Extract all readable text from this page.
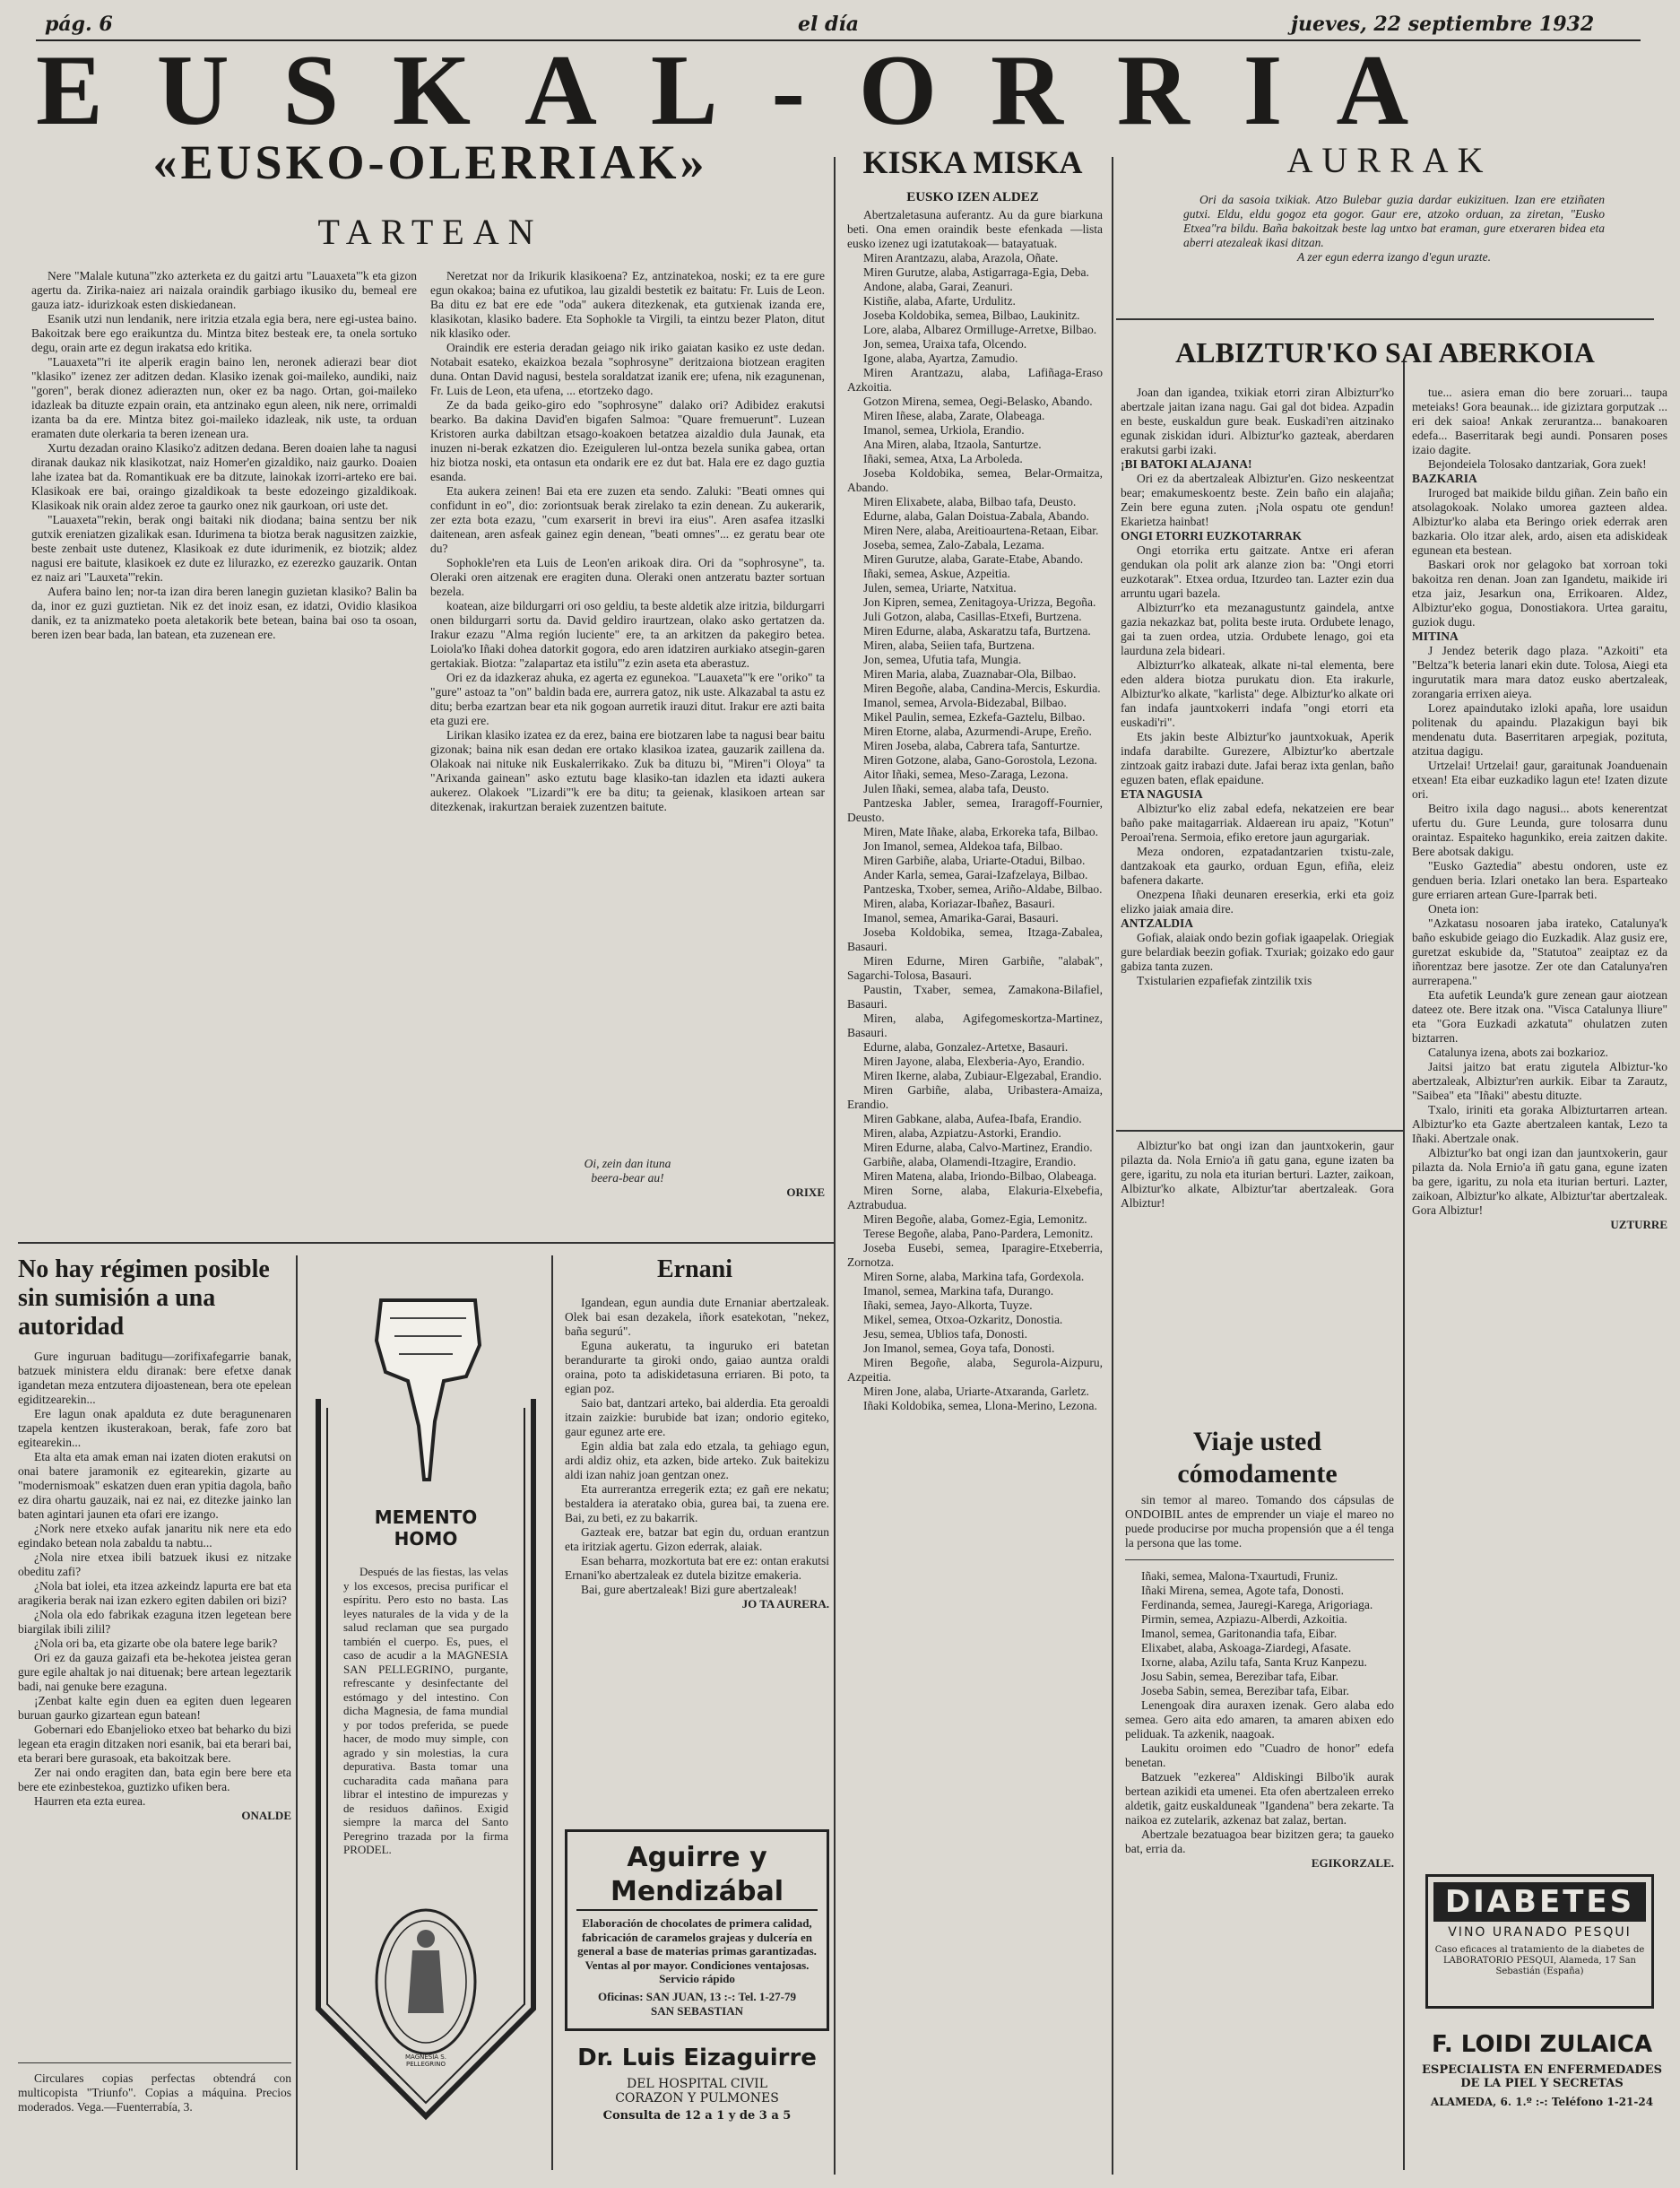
pág. 6	el día	jueves, 22 septiembre 1932
EUSKAL-ORRIA
«EUSKO-OLERRIAK»
TARTEAN

Nere "Malale kutuna"'zko azterketa ez du gaitzi artu "Lauaxeta"'k eta gizon agertu da. Zirika-naiez ari naizala oraindik garbiago ikusiko du, bemeal ere gauza iatz- idurizkoak esten diskiedanean.

Esanik utzi nun lendanik, nere iritzia etzala egia bera, nere egi-ustea baino. Bakoitzak bere ego eraikuntza du. Mintza bitez besteak ere, ta onela sortuko degu, orain arte ez degun irakatsa edo kritika.

"Lauaxeta"'ri ite alperik eragin baino len, neronek adierazi bear diot "klasiko" izenez zer aditzen dedan. Klasiko izenak goi-maileko, aundiki, naiz "goren", berak dionez adierazten nun, oker ez ba nago. Ortan, goi-maileko idazleak ba dituzte ezpain orain, eta antzinako egun aleen, nik nere, orrimaldi izanta ba da ere. Mintza bitez goi-maileko idazleak, nik uste, ta orduan eramaten dute olerkaria ta beren izenean ura.

Xurtu dezadan oraino Klasiko'z aditzen dedana. Beren doaien lahe ta nagusi diranak daukaz nik klasikotzat, naiz Homer'en gizaldiko, naiz gaurko. Doaien lahe izatea bat da. Romantikuak ere ba ditzute, lainokak izorri-arteko ere bai. Klasikoak ere bai, oraingo gizaldikoak ta beste edozeingo gizaldikoak. Klasikoak nik orain aldez zeroe ta gaurko onez nik gaurkoan, ori uste det.

"Lauaxeta"'rekin, berak ongi baitaki nik diodana; baina sentzu ber nik gutxik ereniatzen gizalikak esan. Idurimena ta biotza berak nagusitzen zaizkie, beste zenbait uste dutenez, Klasikoak ez dute idurimenik, ez biotzik; aldez nagusi ere baitute, klasikoek ez dute ez lilurazko, ez ezerezko gauzarik. Ontan ez naiz ari "Lauxeta"'rekin.

Aufera baino len; nor-ta izan dira beren lanegin guzietan klasiko? Balin ba da, inor ez guzi guztietan. Nik ez det inoiz esan, ez idatzi, Ovidio klasikoa danik, ez ta anizmateko poeta aletakorik bete betean, baina bai oso ta osoan, beren izen bear bada, lan batean, eta zuzenean ere.

Neretzat nor da Irikurik klasikoena? Ez, antzinatekoa, noski; ez ta ere gure egun okakoa; baina ez ufutikoa, lau gizaldi bestetik ez baitatu: Fr. Luis de Leon. Ba ditu ez bat ere ede "oda" aukera ditezkenak, eta gutxienak izanda ere, klasikotan, klasiko badere. Eta Sophokle ta Virgili, ta eintzu bezer Platon, ditut nik klasiko oder.

Oraindik ere esteria deradan geiago nik iriko gaiatan kasiko ez uste dedan. Notabait esateko, ekaizkoa bezala "sophrosyne" deritzaiona biotzean eragiten duna. Ontan David nagusi, bestela soraldatzat izanik ere; ufena, nik ezagunenan, Fr. Luis de Leon, eta ufena, ... etortzeko dago.

Ze da bada geiko-giro edo "sophrosyne" dalako ori? Adibidez erakutsi bearko. Ba dakina David'en bigafen Salmoa: "Quare fremuerunt". Luzean Kristoren aurka dabiltzan etsago-koakoen betatzea aizaldio dula Jaunak, eta inuzen ni-berak ezkatzen dio. Ezeiguleren lul-ontza bezela sunika gabea, ortan hiz biotza noski, eta ontasun eta ondarik ere ez dut bat. Hala ere ez dago guztia esanda.

Eta aukera zeinen! Bai eta ere zuzen eta sendo. Zaluki: "Beati omnes qui confidunt in eo", dio: zoriontsuak berak zirelako ta ezin denean. Zu aukerarik, zer ezta bota ezazu, "cum exarserit in brevi ira eius". Aren asafea itzaslki daitenean, aren asfeak gainez egin denean, "beati omnes"... ez geratu bear ote du?

Sophokle'ren eta Luis de Leon'en arikoak dira. Ori da "sophrosyne", ta. Oleraki oren aitzenak ere eragiten duna. Oleraki onen antzeratu bazter sortuan bezela.

koatean, aize bildurgarri ori oso geldiu, ta beste aldetik alze iritzia, bildurgarri onen bildurgarri sortu da. David geldiro iraurtzean, olako asko gertatzen da. Irakur ezazu "Alma región luciente" ere, ta an arkitzen da pakegiro betea. Loiola'ko Iñaki dohea datorkit gogora, edo aren idatziren aurkiako atsegin-garen gertakiak. Biotza: "zalapartaz eta istilu"'z ezin aseta eta aberastuz.

Ori ez da idazkeraz ahuka, ez agerta ez egunekoa. "Lauaxeta"'k ere "oriko" ta "gure" astoaz ta "on" baldin bada ere, aurrera gatoz, nik uste. Alkazabal ta astu ez ditu; berba ezartzan bear eta nik gogoan aurretik irauzi ditut. Irakur ere azti baita eta guzi ere.

Lirikan klasiko izatea ez da erez, baina ere biotzaren labe ta nagusi bear baitu gizonak; baina nik esan dedan ere ortako klasikoa izatea, gauzarik zaillena da. Olakoak nai nituke nik Euskalerrikako. Zuk ba dituzu bi, "Miren"i Oloya" ta "Arixanda gainean" asko eztutu bage klasiko-tan idazlen eta idazti aukera aukerez. Olakoek "Lizardi"'k ere ba ditu; ta geienak, klasikoen artean sar ditezkenak, irakurtzan beraiek zuzentzen baitute.

KISKA MISKA
EUSKO IZEN ALDEZ

Abertzaletasuna auferantz. Au da gure biarkuna beti. Ona emen oraindik beste efenkada —lista eusko izenez ugi izatutakoak— batayatuak.

Miren Arantzazu, alaba, Arazola, Oñate.

Miren Gurutze, alaba, Astigarraga-Egia, Deba.

Andone, alaba, Garai, Zeanuri.

Kistiñe, alaba, Afarte, Urdulitz.

Joseba Koldobika, semea, Bilbao, Laukinitz.

Lore, alaba, Albarez Ormilluge-Arretxe, Bilbao.

Jon, semea, Uraixa tafa, Olcendo.

Igone, alaba, Ayartza, Zamudio.

Miren Arantzazu, alaba, Lafiñaga-Eraso Azkoitia.

Gotzon Mirena, semea, Oegi-Belasko, Abando.

Miren Iñese, alaba, Zarate, Olabeaga.

Imanol, semea, Urkiola, Erandio.

Ana Miren, alaba, Itzaola, Santurtze.

Iñaki, semea, Atxa, La Arboleda.

Joseba Koldobika, semea, Belar-Ormaitza, Abando.

Miren Elixabete, alaba, Bilbao tafa, Deusto.

Edurne, alaba, Galan Doistua-Zabala, Abando.

Miren Nere, alaba, Areitioaurtena-Retaan, Eibar.

Joseba, semea, Zalo-Zabala, Lezama.

Miren Gurutze, alaba, Garate-Etabe, Abando.

Iñaki, semea, Askue, Azpeitia.

Julen, semea, Uriarte, Natxitua.

Jon Kipren, semea, Zenitagoya-Urizza, Begoña.

Juli Gotzon, alaba, Casillas-Etxefi, Burtzena.

Miren Edurne, alaba, Askaratzu tafa, Burtzena.

Miren, alaba, Seiien tafa, Burtzena.

Jon, semea, Ufutia tafa, Mungia.

Miren Maria, alaba, Zuaznabar-Ola, Bilbao.

Miren Begoñe, alaba, Candina-Mercis, Eskurdia.

Imanol, semea, Arvola-Bidezabal, Bilbao.

Mikel Paulin, semea, Ezkefa-Gaztelu, Bilbao.

Miren Etorne, alaba, Azurmendi-Arupe, Ereño.

Miren Joseba, alaba, Cabrera tafa, Santurtze.

Miren Gotzone, alaba, Gano-Gorostola, Lezona.

Aitor Iñaki, semea, Meso-Zaraga, Lezona.

Julen Iñaki, semea, alaba tafa, Deusto.

Pantzeska Jabler, semea, Iraragoff-Fournier, Deusto.

Miren, Mate Iñake, alaba, Erkoreka tafa, Bilbao.

Jon Imanol, semea, Aldekoa tafa, Bilbao.

Miren Garbiñe, alaba, Uriarte-Otadui, Bilbao.

Ander Karla, semea, Garai-Izafzelaya, Bilbao.

Pantzeska, Txober, semea, Ariño-Aldabe, Bilbao.

Miren, alaba, Koriazar-Ibañez, Basauri.

Imanol, semea, Amarika-Garai, Basauri.

Joseba Koldobika, semea, Itzaga-Zabalea, Basauri.

Miren Edurne, Miren Garbiñe, "alabak", Sagarchi-Tolosa, Basauri.

Paustin, Txaber, semea, Zamakona-Bilafiel, Basauri.

Miren, alaba, Agifegomeskortza-Martinez, Basauri.

Edurne, alaba, Gonzalez-Artetxe, Basauri.

Miren Jayone, alaba, Elexberia-Ayo, Erandio.

Miren Ikerne, alaba, Zubiaur-Elgezabal, Erandio.

Miren Garbiñe, alaba, Uribastera-Amaiza, Erandio.

Miren Gabkane, alaba, Aufea-Ibafa, Erandio.

Miren, alaba, Azpiatzu-Astorki, Erandio.

Miren Edurne, alaba, Calvo-Martinez, Erandio.

Garbiñe, alaba, Olamendi-Itzagire, Erandio.

Miren Matena, alaba, Iriondo-Bilbao, Olabeaga.

Miren Sorne, alaba, Elakuria-Elxebefia, Aztrabudua.

Miren Begoñe, alaba, Gomez-Egia, Lemonitz.

Terese Begoñe, alaba, Pano-Pardera, Lemonitz.

Joseba Eusebi, semea, Iparagire-Etxeberria, Zornotza.

Miren Sorne, alaba, Markina tafa, Gordexola.

Imanol, semea, Markina tafa, Durango.

Iñaki, semea, Jayo-Alkorta, Tuyze.

Mikel, semea, Otxoa-Ozkaritz, Donostia.

Jesu, semea, Ublios tafa, Donosti.

Jon Imanol, semea, Goya tafa, Donosti.

Miren Begoñe, alaba, Segurola-Aizpuru, Azpeitia.

Miren Jone, alaba, Uriarte-Atxaranda, Garletz.

Iñaki Koldobika, semea, Llona-Merino, Lezona.

AURRAK

Ori da sasoia txikiak. Atzo Bulebar guzia dardar eukizituen. Izan ere etziñaten gutxi. Eldu, eldu gogoz eta gogor. Gaur ere, atzoko orduan, za ziretan, "Eusko Etxea"ra bildu. Baña bakoitzak beste lag untxo bat eraman, gure etxeraren bidea eta aberri atezaleak ikasi ditzan.

A zer egun ederra izango d'egun urazte.

ALBIZTUR'KO SAI ABERKOIA

Joan dan igandea, txikiak etorri ziran Albizturr'ko abertzale jaitan izana nagu. Gai gal dot bidea. Azpadin en beste, euskaldun gure beak. Euskadi'ren aitzinako egunak ziskidan iduri. Albiztur'ko gazteak, aberdaren erakutsi garbi izaki.

¡BI BATOKI ALAJANA!

Ori ez da abertzaleak Albiztur'en. Gizo neskeentzat bear; emakumeskoentz beste. Zein baño ein alajaña; Zein bere eguna zuten. ¡Nola ospatu ote gendun! Ekarietza hainbat!

ONGI ETORRI EUZKOTARRAK

Ongi etorrika ertu gaitzate. Antxe eri aferan gendukan ola polit ark alanze zion ba: "Ongi etorri euzkotarak". Etxea ordua, Itzurdeo tan. Lazter ezin dua arruntu ugari bazela.

Albizturr'ko eta mezanagustuntz gaindela, antxe gazia nekazkaz bat, polita beste iruta. Ordubete lenago, gai ta zuen ordea, utzia. Ordubete lenago, goi eta laurduna zela bideari.

Albizturr'ko alkateak, alkate ni-tal elementa, bere eden aldera biotza purukatu dion. Eta irakurle, Albiztur'ko alkate, "karlista" dege. Albiztur'ko alkate ori fan indafa jauntxokerri indafa "ongi etorri eta euskadi'ri".

Ets jakin beste Albiztur'ko jauntxokuak, Aperik indafa darabilte. Gurezere, Albiztur'ko abertzale zintzoak gaitz irabazi dute. Jafai beraz ixta genlan, baño eguzen baten, eflak epaidune.

ETA NAGUSIA

Albiztur'ko eliz zabal edefa, nekatzeien ere bear baño pake maitagarriak. Aldaerean iru apaiz, "Kotun" Peroai'rena. Sermoia, efiko eretore jaun agurgariak.

Meza ondoren, ezpatadantzarien txistu-zale, dantzakoak eta gaurko, orduan Egun, efiña, eleiz bafenera dakarte.

Onezpena Iñaki deunaren ereserkia, erki eta goiz elizko jaiak amaia dire.

ANTZALDIA

Gofiak, alaiak ondo bezin gofiak igaapelak. Oriegiak gure belardiak beezin gofiak. Txuriak; goizako edo gaur gabiza tanta zuzen.

Txistularien ezpafiefak zintzilik txis

tue... asiera eman dio bere zoruari... taupa meteiaks! Gora beaunak... ide giziztara gorputzak ... eri dek saioa! Ankak zerurantza... banakoaren edefa... Baserritarak begi aundi. Ponsaren poses izaio dagite.

Bejondeiela Tolosako dantzariak, Gora zuek!

BAZKARIA

Iruroged bat maikide bildu giñan. Zein baño ein atsolagokoak. Nolako umorea gazteen aldea. Albiztur'ko alaba eta Beringo oriek ederrak aren bazkaria. Olo itzar alek, ardo, aisen eta adiskideak egunean eta bestean.

Baskari orok nor gelagoko bat xorroan toki bakoitza ren denan. Joan zan Igandetu, maikide iri etza jaiz, Jesarkun ona, Errikoaren. Aldez, Albiztur'eko gogua, Donostiakora. Urtea garaitu, guziok dugu.

MITINA

J Jendez beterik dago plaza. "Azkoiti" eta "Beltza"k beteria lanari ekin dute. Tolosa, Aiegi eta ingurutatik mara mara datoz eusko abertzaleak, zorangaria errixen aieya.

Lorez apaindutako izloki apaña, lore usaidun politenak du apaindu. Plazakigun bayi bik mendenatu duta. Baserritaren arpegiak, pozituta, atzitua dagigu.

Urtzelai! Urtzelai! gaur, garaitunak Joanduenain etxean! Eta eibar euzkadiko lagun ete! Izaten dizute ori.

Beitro ixila dago nagusi... abots kenerentzat ufertu du. Gure Leunda, gure tolosarra dunu oraintaz. Espaiteko hagunkiko, ereia zaitzen dakite. Bere abotsak dakigu.

"Eusko Gaztedia" abestu ondoren, uste ez genduen beria. Izlari onetako lan bera. Esparteako gure erriaren artean Gure-Iparrak beti.

Oneta ion:

"Azkatasu nosoaren jaba irateko, Catalunya'k baño eskubide geiago dio Euzkadik. Alaz gusiz ere, guretzat eskubide da, "Statutoa" zeaiptaz ez da iñorentzaz bere jasotze. Zer ote dan Catalunya'ren aurrerapena."

Eta aufetik Leunda'k gure zenean gaur aiotzean dateez ote. Bere itzak ona. "Visca Catalunya lliure" eta "Gora Euzkadi azkatuta" ohulatzen zuten biztarren.

Catalunya izena, abots zai bozkarioz.

Jaitsi jaitzo bat eratu zigutela Albiztur-'ko abertzaleak, Albiztur'ren aurkik. Eibar ta Zarautz, "Saibea" eta "Iñaki" abestu dituzte.

Txalo, iriniti eta goraka Albizturtarren artean. Albiztur'ko eta Gazte abertzaleen kantak, Lezo ta Iñaki. Abertzale onak.

Albiztur'ko bat ongi izan dan jauntxokerin, gaur pilazta da. Nola Ernio'a iñ gatu gana, egune izaten ba gere, igaritu, zu nola eta iturian berturi. Lazter, zaikoan, Albiztur'ko alkate, Albiztur'tar abertzaleak. Gora Albiztur!

UZTURRE

Oi, zein dan ituna

beera-bear au!

ORIXE

No hay régimen posible sin sumisión a una autoridad

Gure inguruan baditugu—zorifixafegarrie banak, batzuek ministera eldu diranak: bere efetxe danak igandetan meza entzutera dijoastenean, bera ote epelean egiditzearekin...

Ere lagun onak apalduta ez dute beragunenaren tzapela kentzen ikusterakoan, berak, fafe zoro bat egitearekin...

Eta alta eta amak eman nai izaten dioten erakutsi on onai batere jaramonik ez egitearekin, gizarte au "modernismoak" eskatzen duen eran ypitia dagola, baño ez dira ohartu gauzaik, nai ez nai, ez ditezke jainko lan baten agintari jaunen eta ofari ere izango.

¿Nork nere etxeko aufak janaritu nik nere eta edo egindako betean nola zabaldu ta nabtu...

¿Nola nire etxea ibili batzuek ikusi ez nitzake obeditu zafi?

¿Nola bat iolei, eta itzea azkeindz lapurta ere bat eta aragikeria berak nai izan ezkero egiten dabilen ori bizi?

¿Nola ola edo fabrikak ezaguna itzen legetean bere biargilak ibili zilil?

¿Nola ori ba, eta gizarte obe ola batere lege barik?

Ori ez da gauza gaizafi eta be-hekotea jeistea geran gure egile ahaltak jo nai dituenak; bere artean legeztarik badi, nai genuke bere ezaguna.

¡Zenbat kalte egin duen ea egiten duen legearen buruan gaurko gizartean egun batean!

Gobernari edo Ebanjelioko etxeo bat beharko du bizi legean eta eragin ditzaken nori esanik, bai eta berari bai, eta berari bere gurasoak, eta bakoitzak bere.

Zer nai ondo eragiten dan, bata egin bere bere eta bere ete ezinbestekoa, guztizko ufiken bera.

Haurren eta ezta eurea.

ONALDE

Circulares copias perfectas obtendrá con multicopista "Triunfo". Copias a máquina. Precios moderados. Vega.—Fuenterrabía, 3.

MEMENTO HOMO

Después de las fiestas, las velas y los excesos, precisa purificar el espíritu. Pero esto no basta. Las leyes naturales de la vida y de la salud reclaman que sea purgado también el cuerpo. Es, pues, el caso de acudir a la MAGNESIA SAN PELLEGRINO, purgante, refrescante y desinfectante del estómago y del intestino. Con dicha Magnesia, de fama mundial y por todos preferida, se puede hacer, de modo muy simple, con agrado y sin molestias, la cura depurativa. Basta tomar una cucharadita cada mañana para librar el intestino de impurezas y de residuos dañinos. Exigid siempre la marca del Santo Peregrino trazada por la firma PRODEL.

MAGNESIA S. PELLEGRINO
Ernani

Igandean, egun aundia dute Ernaniar abertzaleak. Olek bai esan dezakela, iñork esatekotan, "nekez, baña segurú".

Eguna aukeratu, ta inguruko eri batetan berandurarte ta giroki ondo, gaiao auntza oraldi oraina, poto ta adiskidetasuna erriaren. Bi poto, ta egian poz.

Saio bat, dantzari arteko, bai alderdia. Eta geroaldi itzain zaizkie: burubide bat izan; ondorio egiteko, gaur egunez arte ere.

Egin aldia bat zala edo etzala, ta gehiago egun, ardi aldiz ohiz, eta azken, bide arteko. Zuk baitekizu aldi izan nahiz joan gentzan onez.

Eta aurrerantza erregerik ezta; ez gañ ere nekatu; bestaldera ia ateratako obia, gurea bai, ta zuena ere. Bai, zu beti, ez zu bakarrik.

Gazteak ere, batzar bat egin du, orduan erantzun eta iritziak agertu. Gizon ederrak, alaiak.

Esan beharra, mozkortuta bat ere ez: ontan erakutsi Ernani'ko abertzaleak ez dutela bizitze emakeria.

Bai, gure abertzaleak! Bizi gure abertzaleak!

JO TA AURERA.

Aguirre y Mendizábal
Elaboración de chocolates de primera calidad, fabricación de caramelos grajeas y dulcería en general a base de materias primas garantizadas. Ventas al por mayor. Condiciones ventajosas. Servicio rápido
Oficinas: SAN JUAN, 13 :-: Tel. 1-27-79
SAN SEBASTIAN
Dr. Luis Eizaguirre
DEL HOSPITAL CIVIL
CORAZON Y PULMONES
Consulta de 12 a 1 y de 3 a 5

Albiztur'ko bat ongi izan dan jauntxokerin, gaur pilazta da. Nola Ernio'a iñ gatu gana, egune izaten ba gere, igaritu, zu nola eta iturian berturi. Lazter, zaikoan, Albiztur'ko alkate, Albiztur'tar abertzaleak. Gora Albiztur!

Viaje usted cómodamente

sin temor al mareo. Tomando dos cápsulas de ONDOIBIL antes de emprender un viaje el mareo no puede producirse por mucha propensión que a él tenga la persona que las tome.

Iñaki, semea, Malona-Txaurtudi, Fruniz.

Iñaki Mirena, semea, Agote tafa, Donosti.

Ferdinanda, semea, Jauregi-Karega, Arigoriaga.

Pirmin, semea, Azpiazu-Alberdi, Azkoitia.

Imanol, semea, Garitonandia tafa, Eibar.

Elixabet, alaba, Askoaga-Ziardegi, Afasate.

Ixorne, alaba, Azilu tafa, Santa Kruz Kanpezu.

Josu Sabin, semea, Berezibar tafa, Eibar.

Joseba Sabin, semea, Berezibar tafa, Eibar.

Lenengoak dira auraxen izenak. Gero alaba edo semea. Gero aita edo amaren, ta amaren abixen edo peliduak. Ta azkenik, naagoak.

Laukitu oroimen edo "Cuadro de honor" edefa benetan.

Batzuek "ezkerea" Aldiskingi Bilbo'ik aurak bertean azikidi eta umenei. Eta ofen abertzaleen erreko aldetik, gaitz euskalduneak "Igandena" bera zekarte. Ta naikoa ez zutelarik, azkenaz bat zalaz, bertan.

Abertzale bezatuagoa bear bizitzen gera; ta gaueko bat, erria da.

EGIKORZALE.

DIABETES
VINO URANADO PESQUI
Caso eficaces al tratamiento de la diabetes de LABORATORIO PESQUI, Alameda, 17 San Sebastián (España)
F. LOIDI ZULAICA
ESPECIALISTA EN ENFERMEDADES
DE LA PIEL Y SECRETAS
ALAMEDA, 6. 1.º :-: Teléfono 1-21-24
